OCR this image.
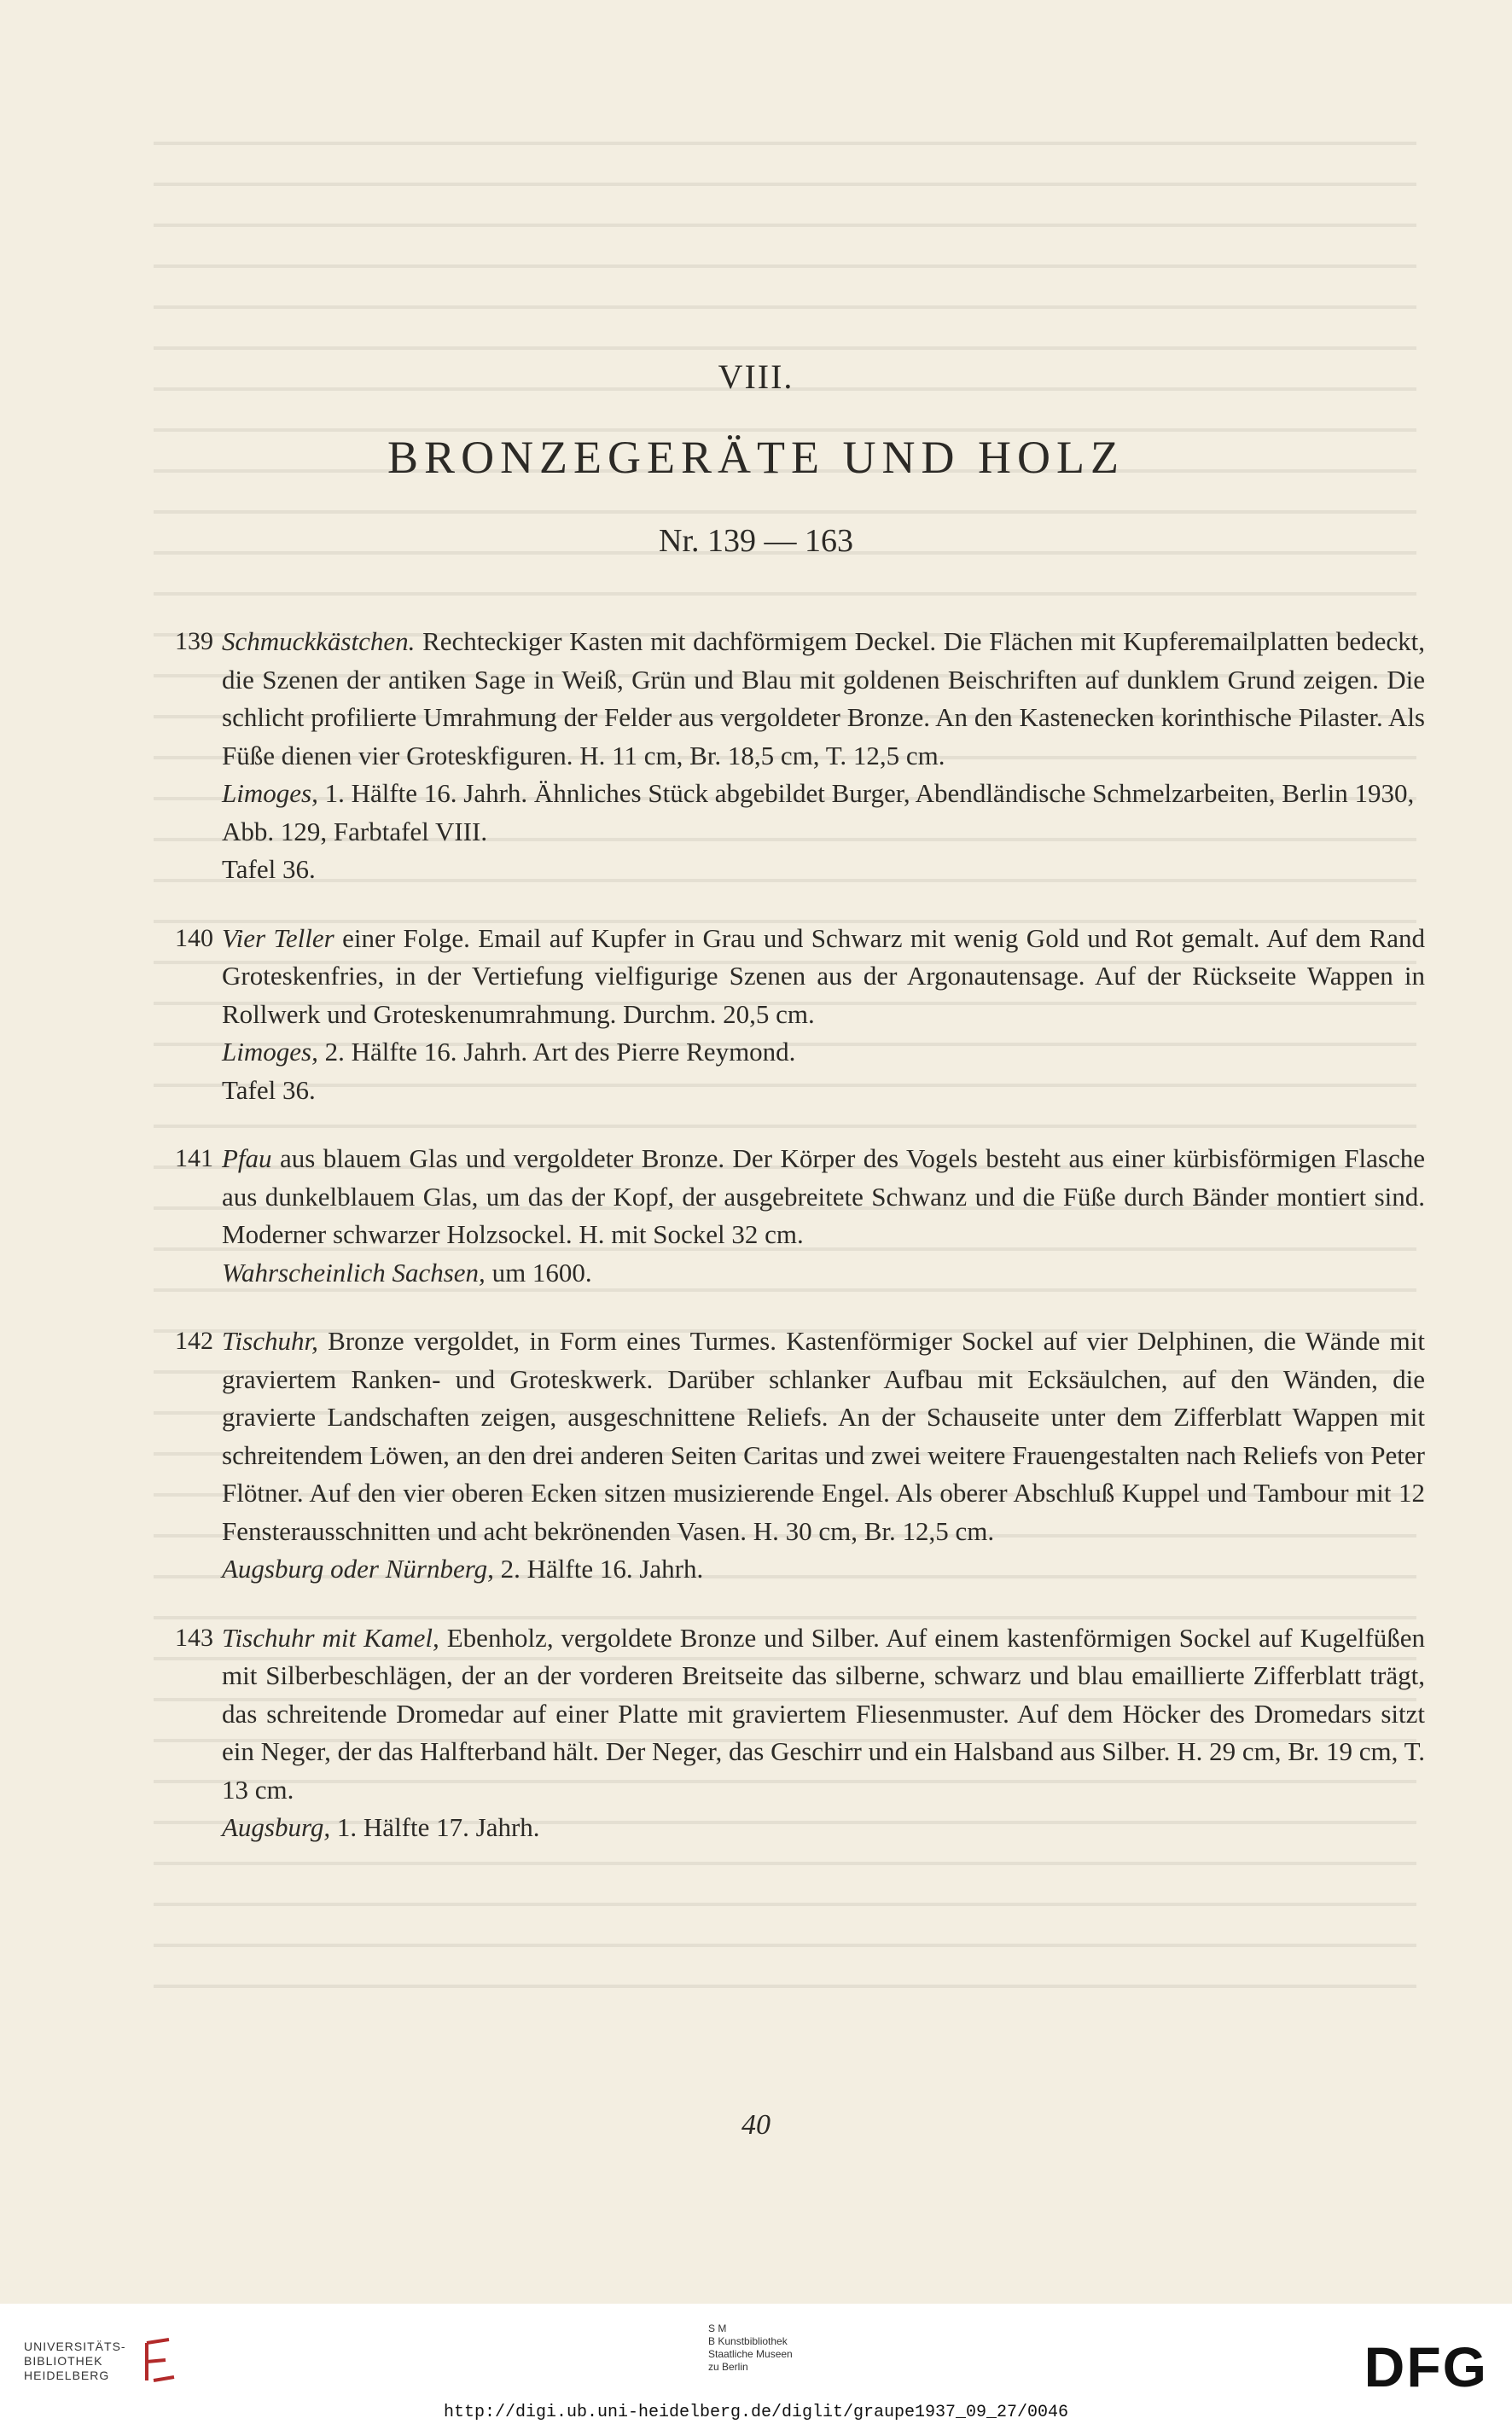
VIII.
BRONZEGERÄTE UND HOLZ
Nr. 139 — 163
139 Schmuckkästchen. Rechteckiger Kasten mit dachförmigem Deckel. Die Flächen mit Kupferemailplatten bedeckt, die Szenen der antiken Sage in Weiß, Grün und Blau mit goldenen Beischriften auf dunklem Grund zeigen. Die schlicht profilierte Umrahmung der Felder aus vergoldeter Bronze. An den Kastenecken korinthische Pilaster. Als Füße dienen vier Groteskfiguren. H. 11 cm, Br. 18,5 cm, T. 12,5 cm.
Limoges, 1. Hälfte 16. Jahrh. Ähnliches Stück abgebildet Burger, Abendländische Schmelzarbeiten, Berlin 1930, Abb. 129, Farbtafel VIII.
Tafel 36.
140 Vier Teller einer Folge. Email auf Kupfer in Grau und Schwarz mit wenig Gold und Rot gemalt. Auf dem Rand Groteskenfries, in der Vertiefung vielfigurige Szenen aus der Argonautensage. Auf der Rückseite Wappen in Rollwerk und Groteskenumrahmung. Durchm. 20,5 cm.
Limoges, 2. Hälfte 16. Jahrh. Art des Pierre Reymond.
Tafel 36.
141 Pfau aus blauem Glas und vergoldeter Bronze. Der Körper des Vogels besteht aus einer kürbisförmigen Flasche aus dunkelblauem Glas, um das der Kopf, der ausgebreitete Schwanz und die Füße durch Bänder montiert sind. Moderner schwarzer Holzsockel. H. mit Sockel 32 cm.
Wahrscheinlich Sachsen, um 1600.
142 Tischuhr, Bronze vergoldet, in Form eines Turmes. Kastenförmiger Sockel auf vier Delphinen, die Wände mit graviertem Ranken- und Groteskwerk. Darüber schlanker Aufbau mit Ecksäulchen, auf den Wänden, die gravierte Landschaften zeigen, ausgeschnittene Reliefs. An der Schauseite unter dem Zifferblatt Wappen mit schreitendem Löwen, an den drei anderen Seiten Caritas und zwei weitere Frauengestalten nach Reliefs von Peter Flötner. Auf den vier oberen Ecken sitzen musizierende Engel. Als oberer Abschluß Kuppel und Tambour mit 12 Fensterausschnitten und acht bekrönenden Vasen. H. 30 cm, Br. 12,5 cm.
Augsburg oder Nürnberg, 2. Hälfte 16. Jahrh.
143 Tischuhr mit Kamel, Ebenholz, vergoldete Bronze und Silber. Auf einem kastenförmigen Sockel auf Kugelfüßen mit Silberbeschlägen, der an der vorderen Breitseite das silberne, schwarz und blau emaillierte Zifferblatt trägt, das schreitende Dromedar auf einer Platte mit graviertem Fliesenmuster. Auf dem Höcker des Dromedars sitzt ein Neger, der das Halfterband hält. Der Neger, das Geschirr und ein Halsband aus Silber. H. 29 cm, Br. 19 cm, T. 13 cm.
Augsburg, 1. Hälfte 17. Jahrh.
40
UNIVERSITÄTS-
BIBLIOTHEK
HEIDELBERG
S M
B Kunstbibliothek
Staatliche Museen
zu Berlin	DFG
http://digi.ub.uni-heidelberg.de/diglit/graupe1937_09_27/0046
